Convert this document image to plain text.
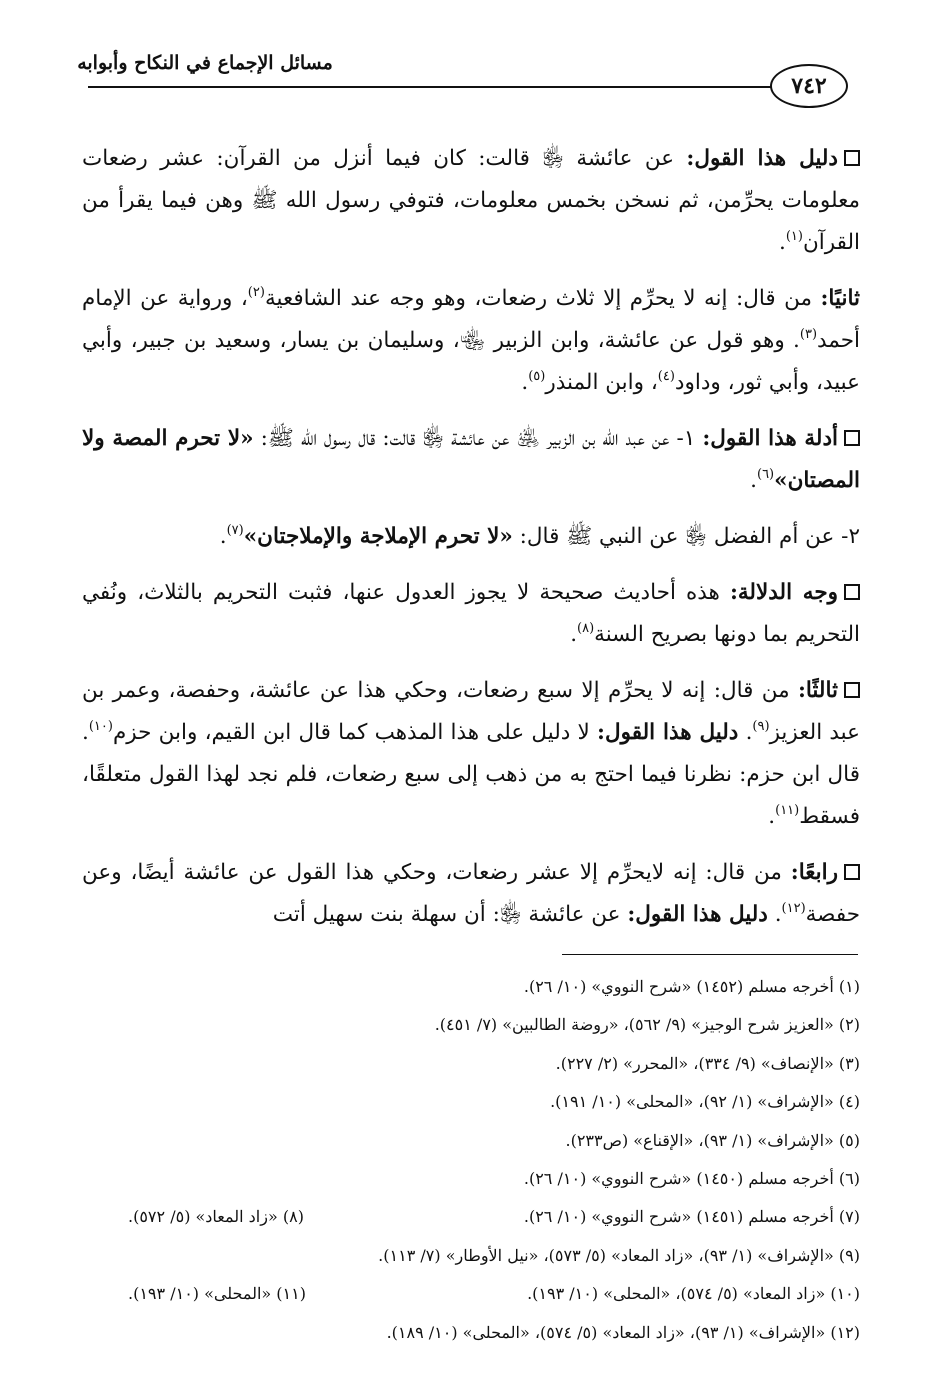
مسائل الإجماع في النكاح وأبوابه
٧٤٢

دليل هذا القول: عن عائشة ﵂ قالت: كان فيما أنزل من القرآن: عشر رضعات معلومات يحرِّمن، ثم نسخن بخمس معلومات، فتوفي رسول الله ﷺ وهن فيما يقرأ من القرآن$^{(١)}$.

ثانيًا: من قال: إنه لا يحرِّم إلا ثلاث رضعات، وهو وجه عند الشافعية$^{(٢)}$، ورواية عن الإمام أحمد$^{(٣)}$. وهو قول عن عائشة، وابن الزبير ﵄، وسليمان بن يسار، وسعيد بن جبير، وأبي عبيد، وأبي ثور، وداود$^{(٤)}$، وابن المنذر$^{(٥)}$.

أدلة هذا القول: ١- عن عبد الله بن الزبير ﵁ عن عائشة ﵂ قالت: قال رسول الله ﷺ: «لا تحرم المصة ولا المصتان»$^{(٦)}$.

٢- عن أم الفضل ﵂ عن النبي ﷺ قال: «لا تحرم الإملاجة والإملاجتان»$^{(٧)}$.

وجه الدلالة: هذه أحاديث صحيحة لا يجوز العدول عنها، فثبت التحريم بالثلاث، ونُفي التحريم بما دونها بصريح السنة$^{(٨)}$.

ثالثًا: من قال: إنه لا يحرِّم إلا سبع رضعات، وحكي هذا عن عائشة، وحفصة، وعمر بن عبد العزيز$^{(٩)}$. دليل هذا القول: لا دليل على هذا المذهب كما قال ابن القيم، وابن حزم$^{(١٠)}$. قال ابن حزم: نظرنا فيما احتج به من ذهب إلى سبع رضعات، فلم نجد لهذا القول متعلقًا، فسقط$^{(١١)}$.

رابعًا: من قال: إنه لايحرِّم إلا عشر رضعات، وحكي هذا القول عن عائشة أيضًا، وعن حفصة$^{(١٢)}$. دليل هذا القول: عن عائشة ﵂: أن سهلة بنت سهيل أتت

(١) أخرجه مسلم (١٤٥٢) «شرح النووي» (١٠/ ٢٦).
(٢) «العزيز شرح الوجيز» (٩/ ٥٦٢)، «روضة الطالبين» (٧/ ٤٥١).
(٣) «الإنصاف» (٩/ ٣٣٤)، «المحرر» (٢/ ٢٢٧).
(٤) «الإشراف» (١/ ٩٢)، «المحلى» (١٠/ ١٩١).
(٥) «الإشراف» (١/ ٩٣)، «الإقناع» (ص٢٣٣).
(٦) أخرجه مسلم (١٤٥٠) «شرح النووي» (١٠/ ٢٦).
(٧) أخرجه مسلم (١٤٥١) «شرح النووي» (١٠/ ٢٦).
(٨) «زاد المعاد» (٥/ ٥٧٢).
(٩) «الإشراف» (١/ ٩٣)، «زاد المعاد» (٥/ ٥٧٣)، «نيل الأوطار» (٧/ ١١٣).
(١٠) «زاد المعاد» (٥/ ٥٧٤)، «المحلى» (١٠/ ١٩٣).
(١١) «المحلى» (١٠/ ١٩٣).
(١٢) «الإشراف» (١/ ٩٣)، «زاد المعاد» (٥/ ٥٧٤)، «المحلى» (١٠/ ١٨٩).
